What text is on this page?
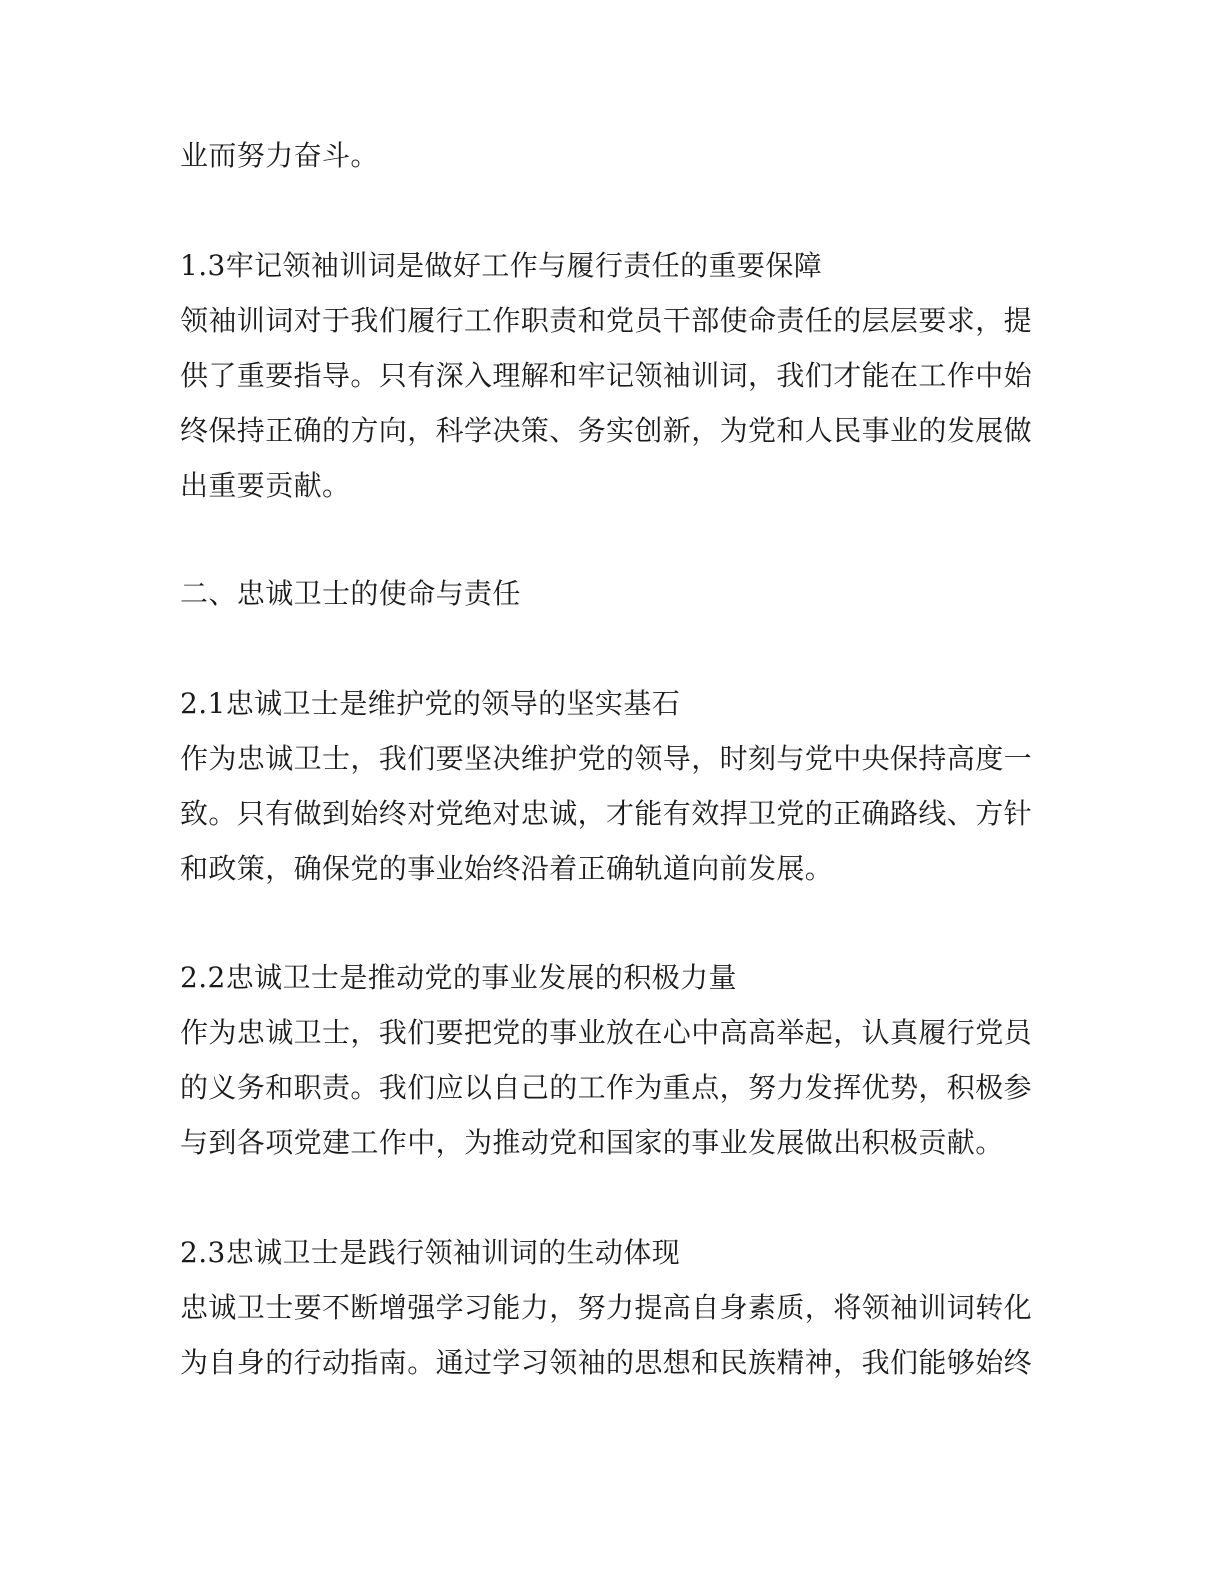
业而努力奋斗。
1.3牢记领袖训词是做好工作与履行责任的重要保障
领袖训词对于我们履行工作职责和党员干部使命责任的层层要求，提
供了重要指导。只有深入理解和牢记领袖训词，我们才能在工作中始
终保持正确的方向，科学决策、务实创新，为党和人民事业的发展做
出重要贡献。
二、忠诚卫士的使命与责任
2.1忠诚卫士是维护党的领导的坚实基石
作为忠诚卫士，我们要坚决维护党的领导，时刻与党中央保持高度一
致。只有做到始终对党绝对忠诚，才能有效捍卫党的正确路线、方针
和政策，确保党的事业始终沿着正确轨道向前发展。
2.2忠诚卫士是推动党的事业发展的积极力量
作为忠诚卫士，我们要把党的事业放在心中高高举起，认真履行党员
的义务和职责。我们应以自己的工作为重点，努力发挥优势，积极参
与到各项党建工作中，为推动党和国家的事业发展做出积极贡献。
2.3忠诚卫士是践行领袖训词的生动体现
忠诚卫士要不断增强学习能力，努力提高自身素质，将领袖训词转化
为自身的行动指南。通过学习领袖的思想和民族精神，我们能够始终
